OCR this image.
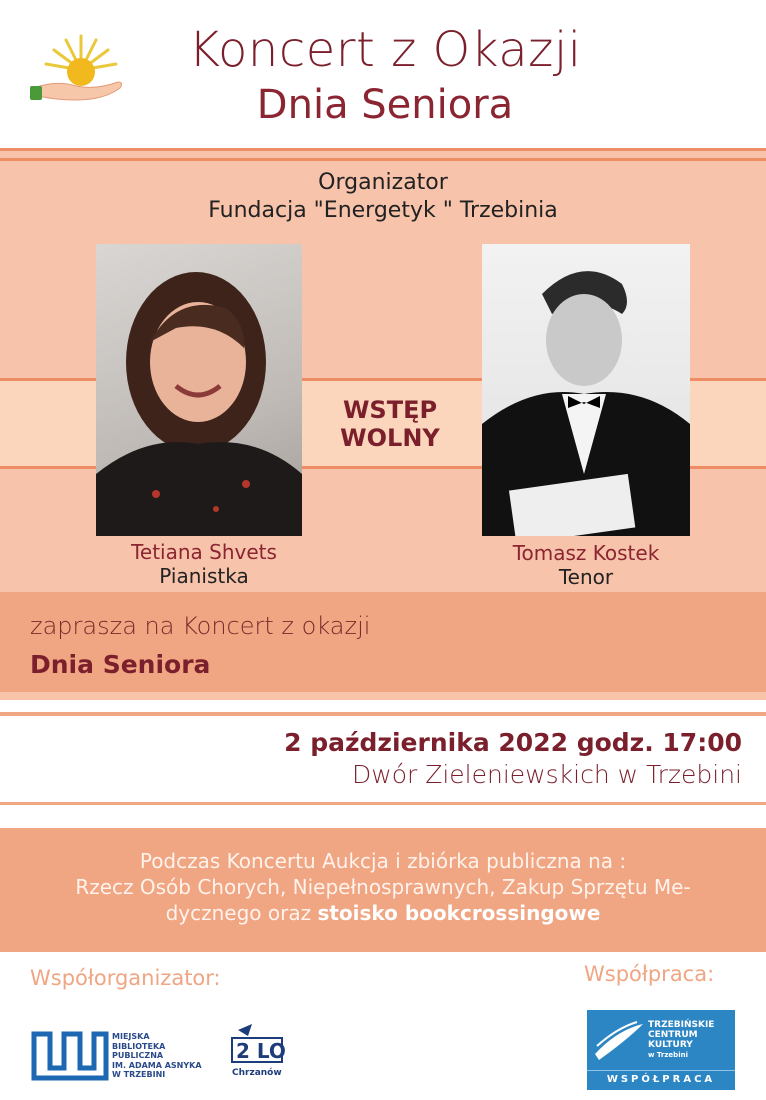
Koncert z Okazji
Dnia Seniora
Organizator
Fundacja "Energetyk " Trzebinia
WSTĘP
WOLNY
Tetiana Shvets
Pianistka
Tomasz Kostek
Tenor
zaprasza na Koncert z okazji
Dnia Seniora
2 października 2022 godz. 17:00
Dwór Zieleniewskich w Trzebini
Podczas Koncertu Aukcja i zbiórka publiczna na :
Rzecz Osób Chorych, Niepełnosprawnych, Zakup Sprzętu Me-
dycznego oraz stoisko bookcrossingowe
Współorganizator:	Współpraca:
MIEJSKA
BIBLIOTEKA
PUBLICZNA
IM. ADAMA ASNYKA
W TRZEBINI
2 LO
Chrzanów
TRZEBIŃSKIE
CENTRUM
KULTURY
w Trzebini
WSPÓŁPRACA
